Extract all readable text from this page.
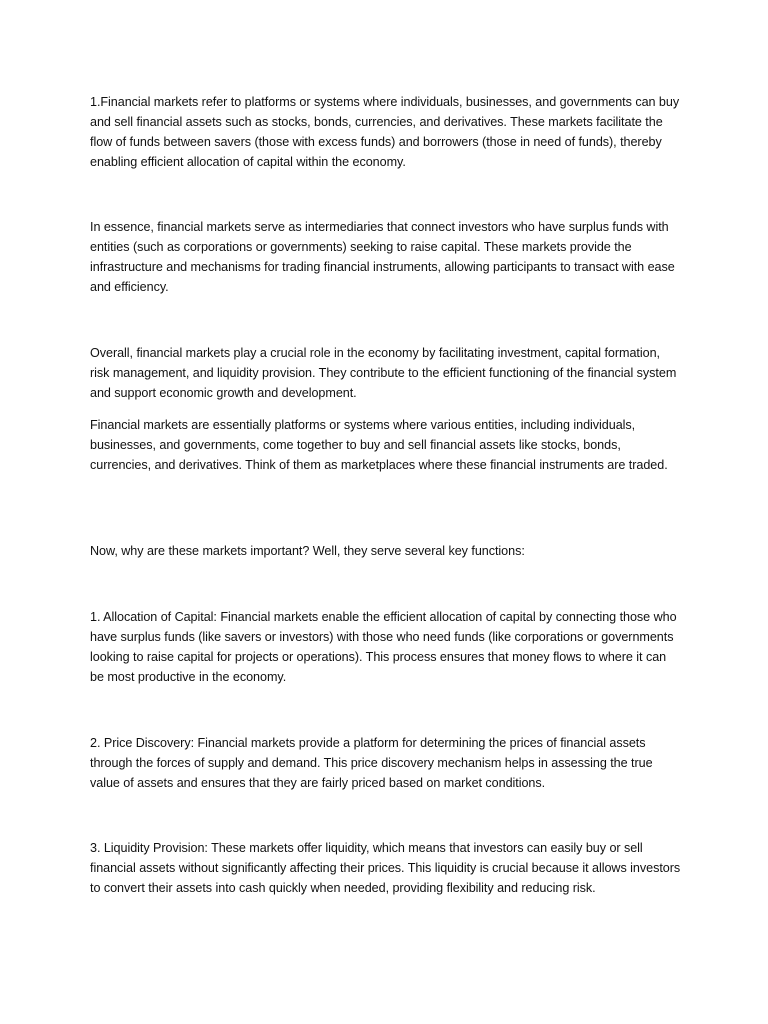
1.Financial markets refer to platforms or systems where individuals, businesses, and governments can buy and sell financial assets such as stocks, bonds, currencies, and derivatives. These markets facilitate the flow of funds between savers (those with excess funds) and borrowers (those in need of funds), thereby enabling efficient allocation of capital within the economy.

In essence, financial markets serve as intermediaries that connect investors who have surplus funds with entities (such as corporations or governments) seeking to raise capital. These markets provide the infrastructure and mechanisms for trading financial instruments, allowing participants to transact with ease and efficiency.

Overall, financial markets play a crucial role in the economy by facilitating investment, capital formation, risk management, and liquidity provision. They contribute to the efficient functioning of the financial system and support economic growth and development.

Financial markets are essentially platforms or systems where various entities, including individuals, businesses, and governments, come together to buy and sell financial assets like stocks, bonds, currencies, and derivatives. Think of them as marketplaces where these financial instruments are traded.

Now, why are these markets important? Well, they serve several key functions:

1. Allocation of Capital: Financial markets enable the efficient allocation of capital by connecting those who have surplus funds (like savers or investors) with those who need funds (like corporations or governments looking to raise capital for projects or operations). This process ensures that money flows to where it can be most productive in the economy.

2. Price Discovery: Financial markets provide a platform for determining the prices of financial assets through the forces of supply and demand. This price discovery mechanism helps in assessing the true value of assets and ensures that they are fairly priced based on market conditions.

3. Liquidity Provision: These markets offer liquidity, which means that investors can easily buy or sell financial assets without significantly affecting their prices. This liquidity is crucial because it allows investors to convert their assets into cash quickly when needed, providing flexibility and reducing risk.
